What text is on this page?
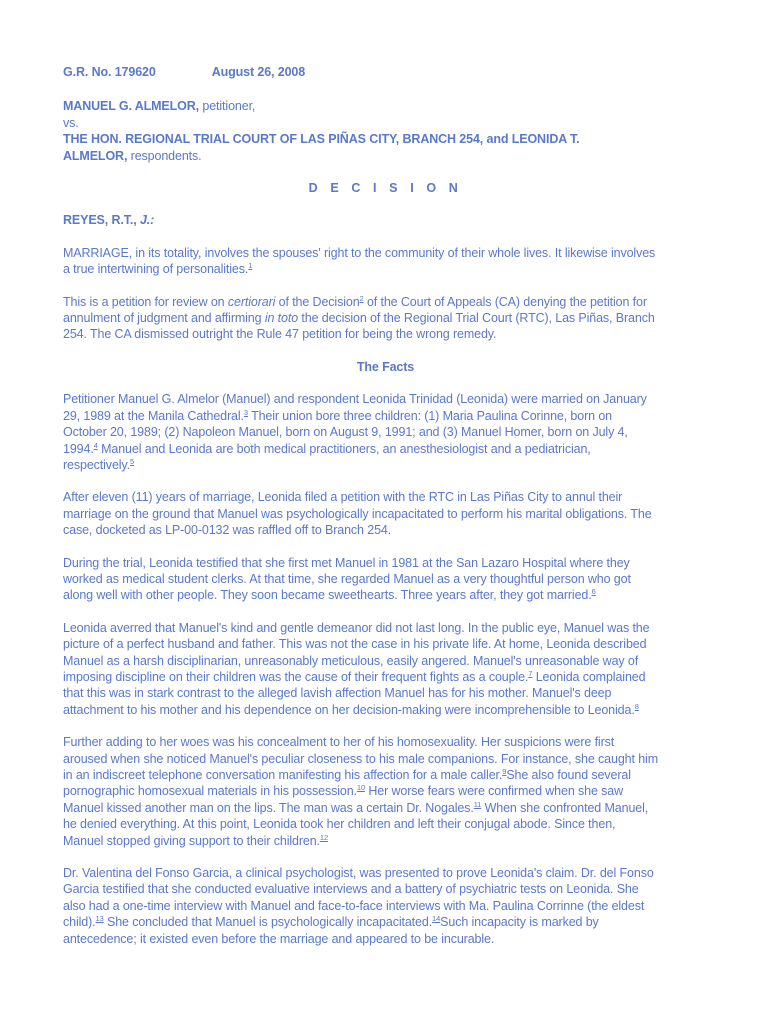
G.R. No. 179620	August 26, 2008
MANUEL G. ALMELOR, petitioner,
vs.
THE HON. REGIONAL TRIAL COURT OF LAS PIÑAS CITY, BRANCH 254, and LEONIDA T.
ALMELOR, respondents.
D E C I S I O N
REYES, R.T., J.:
MARRIAGE, in its totality, involves the spouses' right to the community of their whole lives. It likewise involves
a true intertwining of personalities.$^1$
This is a petition for review on certiorari of the Decision$^2$ of the Court of Appeals (CA) denying the petition for
annulment of judgment and affirming in toto the decision of the Regional Trial Court (RTC), Las Piñas, Branch
254. The CA dismissed outright the Rule 47 petition for being the wrong remedy.
The Facts
Petitioner Manuel G. Almelor (Manuel) and respondent Leonida Trinidad (Leonida) were married on January
29, 1989 at the Manila Cathedral.$^3$ Their union bore three children: (1) Maria Paulina Corinne, born on
October 20, 1989; (2) Napoleon Manuel, born on August 9, 1991; and (3) Manuel Homer, born on July 4,
1994.$^4$ Manuel and Leonida are both medical practitioners, an anesthesiologist and a pediatrician,
respectively.$^5$
After eleven (11) years of marriage, Leonida filed a petition with the RTC in Las Piñas City to annul their
marriage on the ground that Manuel was psychologically incapacitated to perform his marital obligations. The
case, docketed as LP-00-0132 was raffled off to Branch 254.
During the trial, Leonida testified that she first met Manuel in 1981 at the San Lazaro Hospital where they
worked as medical student clerks. At that time, she regarded Manuel as a very thoughtful person who got
along well with other people. They soon became sweethearts. Three years after, they got married.$^6$
Leonida averred that Manuel's kind and gentle demeanor did not last long. In the public eye, Manuel was the
picture of a perfect husband and father. This was not the case in his private life. At home, Leonida described
Manuel as a harsh disciplinarian, unreasonably meticulous, easily angered. Manuel's unreasonable way of
imposing discipline on their children was the cause of their frequent fights as a couple.$^7$ Leonida complained
that this was in stark contrast to the alleged lavish affection Manuel has for his mother. Manuel's deep
attachment to his mother and his dependence on her decision-making were incomprehensible to Leonida.$^8$
Further adding to her woes was his concealment to her of his homosexuality. Her suspicions were first
aroused when she noticed Manuel's peculiar closeness to his male companions. For instance, she caught him
in an indiscreet telephone conversation manifesting his affection for a male caller.$^9$She also found several
pornographic homosexual materials in his possession.$^{10}$ Her worse fears were confirmed when she saw
Manuel kissed another man on the lips. The man was a certain Dr. Nogales.$^{11}$ When she confronted Manuel,
he denied everything. At this point, Leonida took her children and left their conjugal abode. Since then,
Manuel stopped giving support to their children.$^{12}$
Dr. Valentina del Fonso Garcia, a clinical psychologist, was presented to prove Leonida's claim. Dr. del Fonso
Garcia testified that she conducted evaluative interviews and a battery of psychiatric tests on Leonida. She
also had a one-time interview with Manuel and face-to-face interviews with Ma. Paulina Corrinne (the eldest
child).$^{13}$ She concluded that Manuel is psychologically incapacitated.$^{14}$Such incapacity is marked by
antecedence; it existed even before the marriage and appeared to be incurable.
